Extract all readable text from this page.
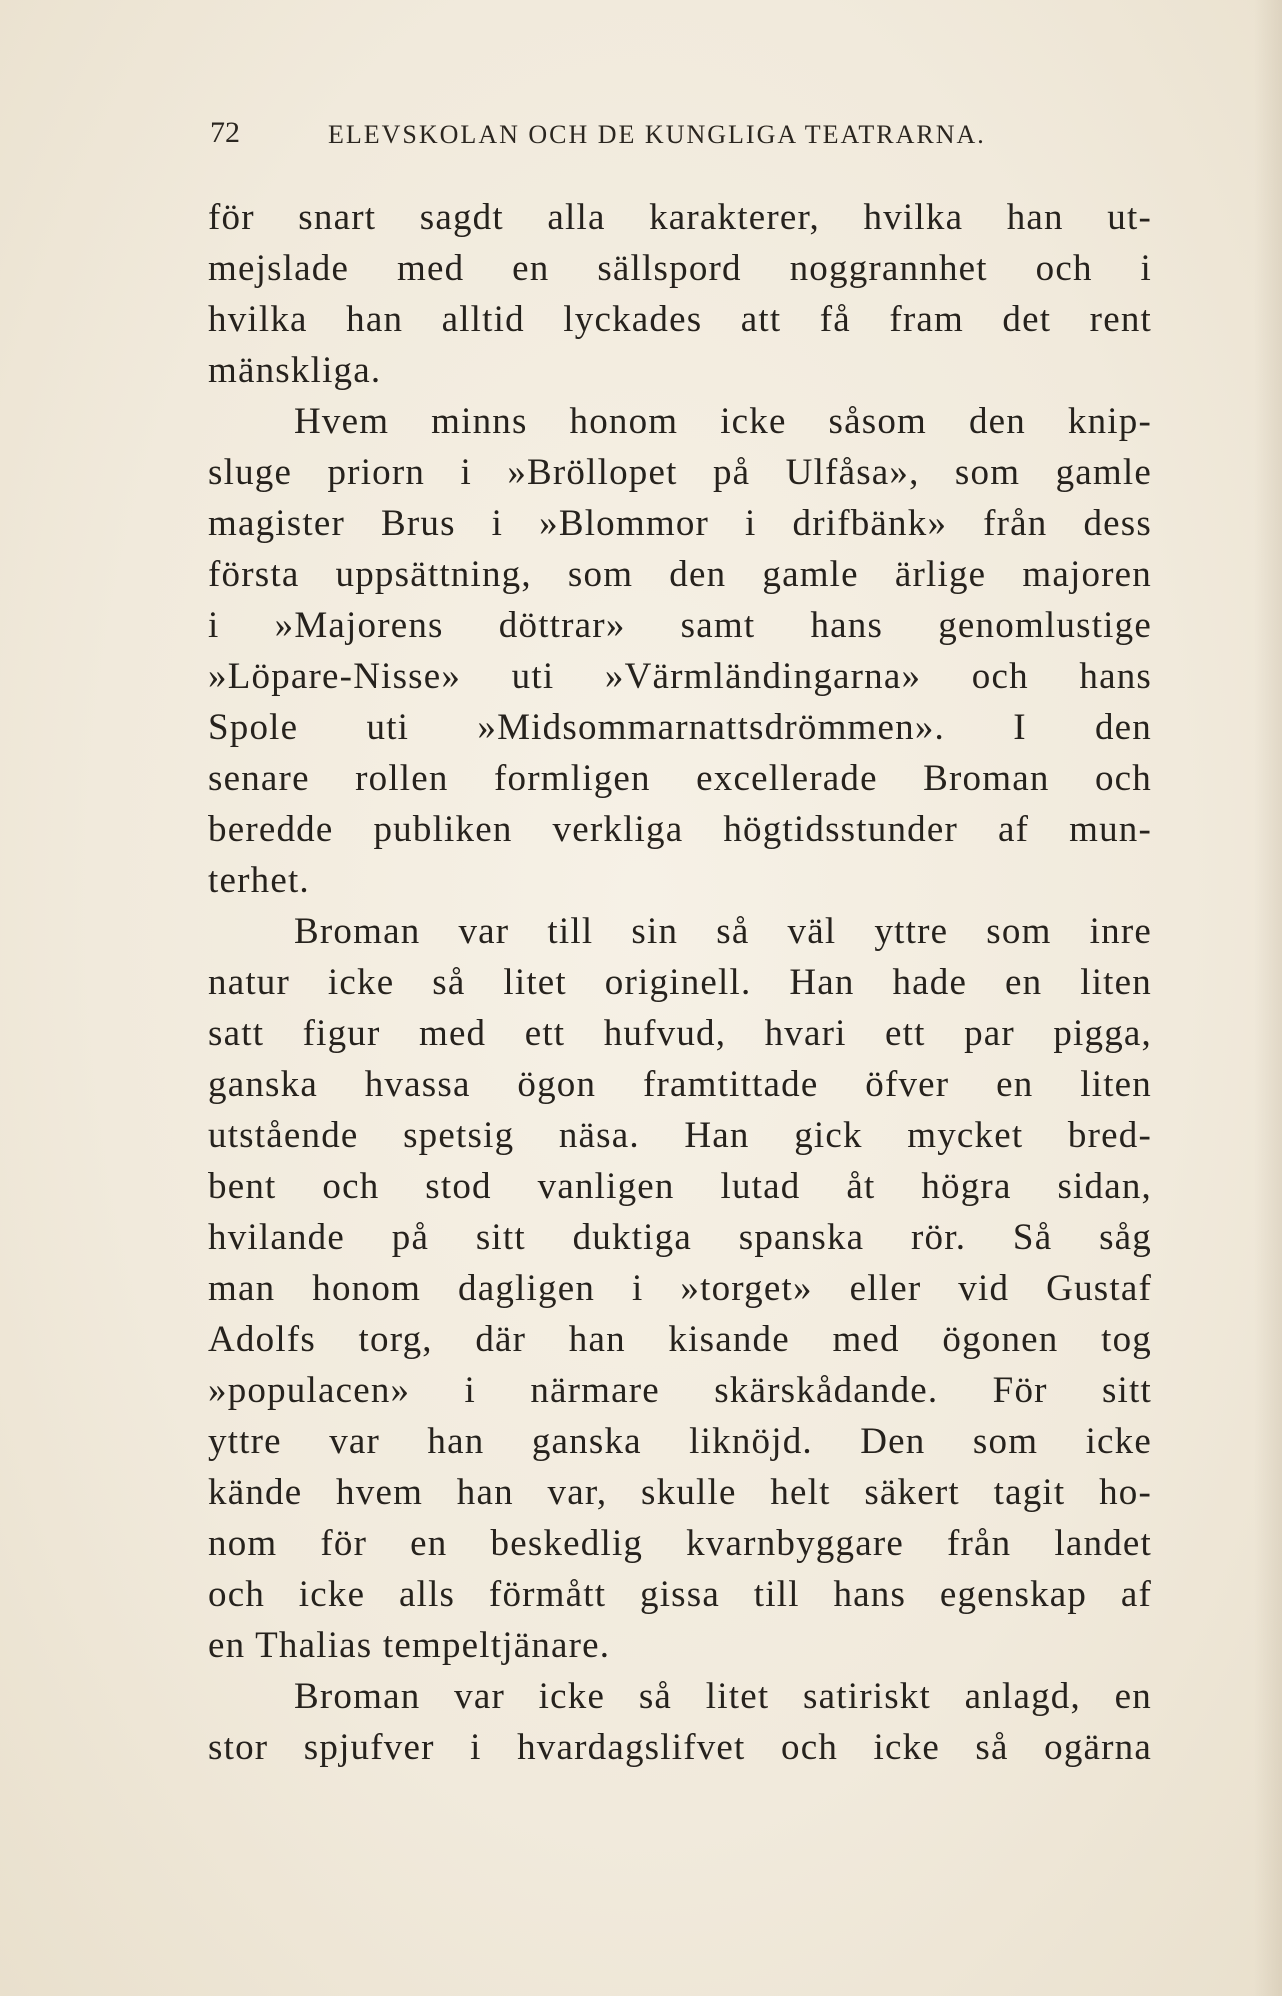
72	ELEVSKOLAN OCH DE KUNGLIGA TEATRARNA.
för snart sagdt alla karakterer, hvilka han ut-
mejslade med en sällspord noggrannhet och i
hvilka han alltid lyckades att få fram det rent
mänskliga.
Hvem minns honom icke såsom den knip-
sluge priorn i »Bröllopet på Ulfåsa», som gamle
magister Brus i »Blommor i drifbänk» från dess
första uppsättning, som den gamle ärlige majoren
i »Majorens döttrar» samt hans genomlustige
»Löpare-Nisse» uti »Värmländingarna» och hans
Spole uti »Midsommarnattsdrömmen». I den
senare rollen formligen excellerade Broman och
beredde publiken verkliga högtidsstunder af mun-
terhet.
Broman var till sin så väl yttre som inre
natur icke så litet originell. Han hade en liten
satt figur med ett hufvud, hvari ett par pigga,
ganska hvassa ögon framtittade öfver en liten
utstående spetsig näsa. Han gick mycket bred-
bent och stod vanligen lutad åt högra sidan,
hvilande på sitt duktiga spanska rör. Så såg
man honom dagligen i »torget» eller vid Gustaf
Adolfs torg, där han kisande med ögonen tog
»populacen» i närmare skärskådande. För sitt
yttre var han ganska liknöjd. Den som icke
kände hvem han var, skulle helt säkert tagit ho-
nom för en beskedlig kvarnbyggare från landet
och icke alls förmått gissa till hans egenskap af
en Thalias tempeltjänare.
Broman var icke så litet satiriskt anlagd, en
stor spjufver i hvardagslifvet och icke så ogärna
